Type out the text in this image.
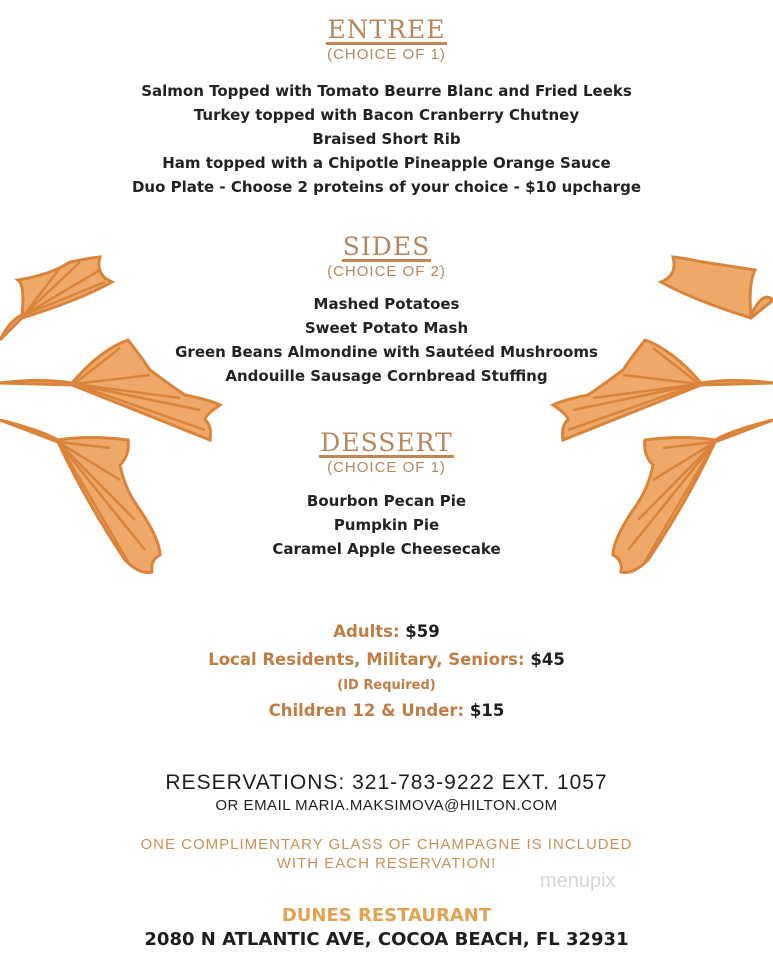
ENTREE
(CHOICE OF 1)
Salmon Topped with Tomato Beurre Blanc and Fried Leeks
Turkey topped with Bacon Cranberry Chutney
Braised Short Rib
Ham topped with a Chipotle Pineapple Orange Sauce
Duo Plate - Choose 2 proteins of your choice - $10 upcharge
SIDES
(CHOICE OF 2)
Mashed Potatoes
Sweet Potato Mash
Green Beans Almondine with Sautéed Mushrooms
Andouille Sausage Cornbread Stuffing
DESSERT
(CHOICE OF 1)
Bourbon Pecan Pie
Pumpkin Pie
Caramel Apple Cheesecake
Adults: $59
Local Residents, Military, Seniors: $45
(ID Required)
Children 12 & Under: $15
RESERVATIONS: 321-783-9222 EXT. 1057
OR EMAIL MARIA.MAKSIMOVA@HILTON.COM
ONE COMPLIMENTARY GLASS OF CHAMPAGNE IS INCLUDED
WITH EACH RESERVATION!
menupix
DUNES RESTAURANT
2080 N ATLANTIC AVE, COCOA BEACH, FL 32931
